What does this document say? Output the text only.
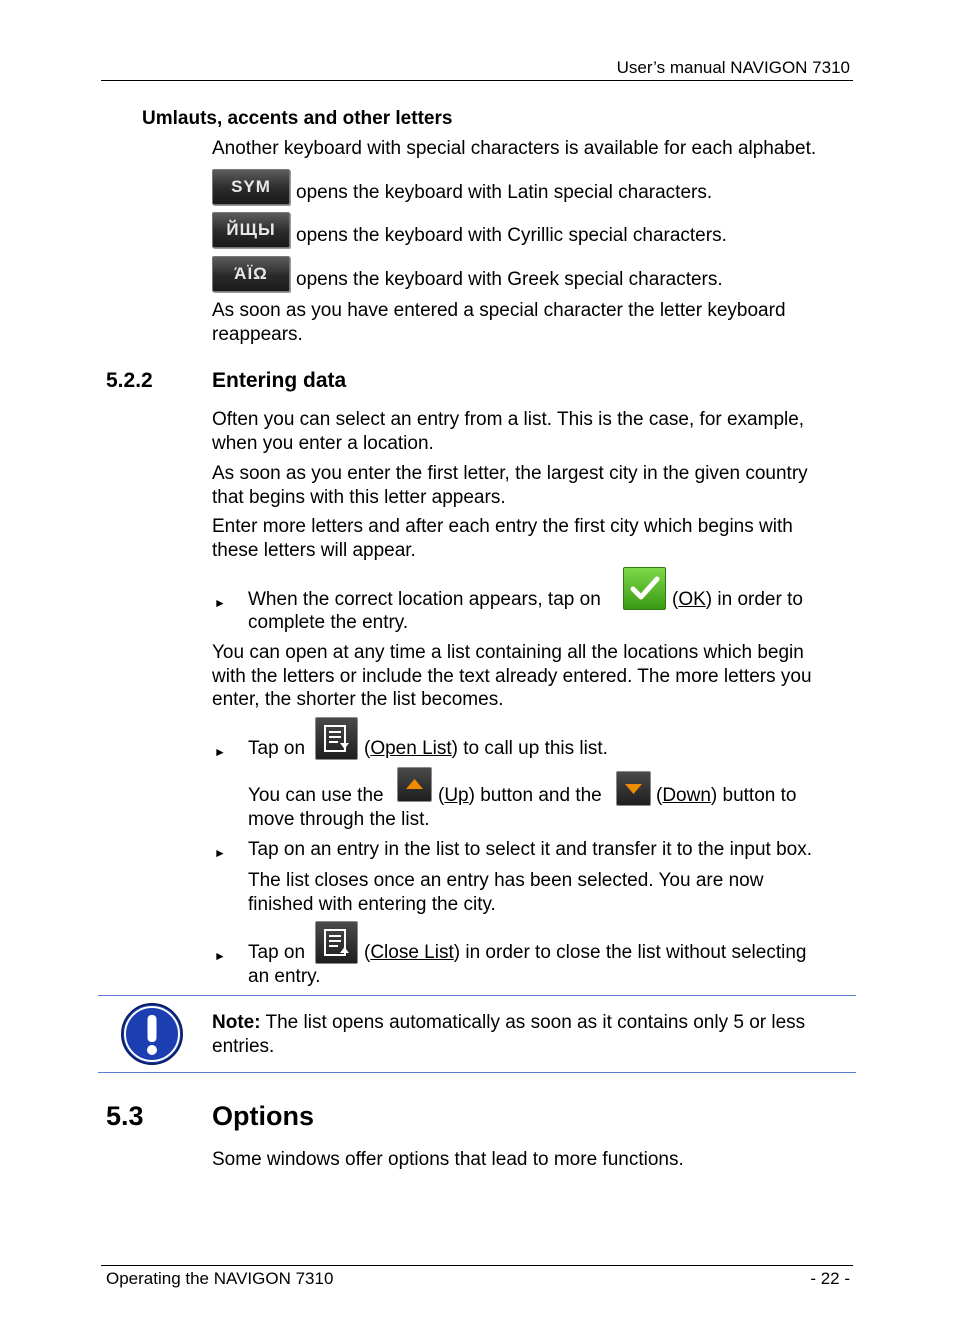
User’s manual NAVIGON 7310
Umlauts, accents and other letters
Another keyboard with special characters is available for each alphabet.
SYM	opens the keyboard with Latin special characters.
ЙЩЫ	opens the keyboard with Cyrillic special characters.
ΆΪΩ	opens the keyboard with Greek special characters.
As soon as you have entered a special character the letter keyboard
reappears.
5.2.2	Entering data
Often you can select an entry from a list. This is the case, for example,
when you enter a location.
As soon as you enter the first letter, the largest city in the given country
that begins with this letter appears.
Enter more letters and after each entry the first city which begins with
these letters will appear.
► When the correct location appears, tap on	(OK) in order to
complete the entry.
You can open at any time a list containing all the locations which begin
with the letters or include the text already entered. The more letters you
enter, the shorter the list becomes.
► Tap on	(Open List) to call up this list.
You can use the	(Up) button and the	(Down) button to
move through the list.
► Tap on an entry in the list to select it and transfer it to the input box.
The list closes once an entry has been selected. You are now
finished with entering the city.
► Tap on	(Close List) in order to close the list without selecting
an entry.
Note: The list opens automatically as soon as it contains only 5 or less
entries.
5.3	Options
Some windows offer options that lead to more functions.
Operating the NAVIGON 7310	- 22 -
